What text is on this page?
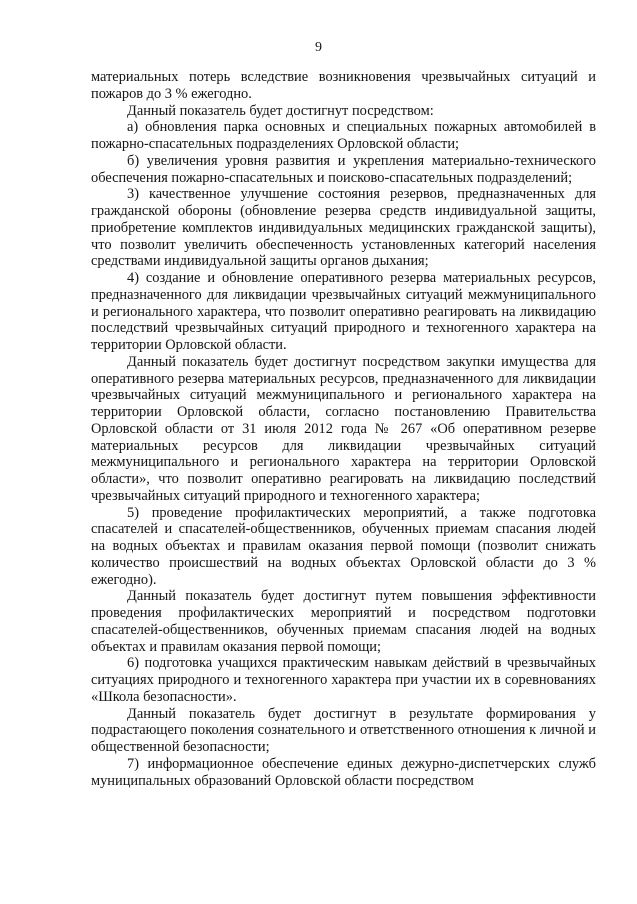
9

материальных потерь вследствие возникновения чрезвычайных ситуаций и пожаров до 3 % ежегодно.

Данный показатель будет достигнут посредством:

а) обновления парка основных и специальных пожарных автомобилей в пожарно-спасательных подразделениях Орловской области;

б) увеличения уровня развития и укрепления материально-технического обеспечения пожарно-спасательных и поисково-спасательных подразделений;

3) качественное улучшение состояния резервов, предназначенных для гражданской обороны (обновление резерва средств индивидуальной защиты, приобретение комплектов индивидуальных медицинских гражданской защиты), что позволит увеличить обеспеченность установленных категорий населения средствами индивидуальной защиты органов дыхания;

4) создание и обновление оперативного резерва материальных ресурсов, предназначенного для ликвидации чрезвычайных ситуаций межмуниципального и регионального характера, что позволит оперативно реагировать на ликвидацию последствий чрезвычайных ситуаций природного и техногенного характера на территории Орловской области.

Данный показатель будет достигнут посредством закупки имущества для оперативного резерва материальных ресурсов, предназначенного для ликвидации чрезвычайных ситуаций межмуниципального и регионального характера на территории Орловской области, согласно постановлению Правительства Орловской области от 31 июля 2012 года № 267 «Об оперативном резерве материальных ресурсов для ликвидации чрезвычайных ситуаций межмуниципального и регионального характера на территории Орловской области», что позволит оперативно реагировать на ликвидацию последствий чрезвычайных ситуаций природного и техногенного характера;

5) проведение профилактических мероприятий, а также подготовка спасателей и спасателей-общественников, обученных приемам спасания людей на водных объектах и правилам оказания первой помощи (позволит снижать количество происшествий на водных объектах Орловской области до 3 % ежегодно).

Данный показатель будет достигнут путем повышения эффективности проведения профилактических мероприятий и посредством подготовки спасателей-общественников, обученных приемам спасания людей на водных объектах и правилам оказания первой помощи;

6) подготовка учащихся практическим навыкам действий в чрезвычайных ситуациях природного и техногенного характера при участии их в соревнованиях «Школа безопасности».

Данный показатель будет достигнут в результате формирования у подрастающего поколения сознательного и ответственного отношения к личной и общественной безопасности;

7) информационное обеспечение единых дежурно-диспетчерских служб муниципальных образований Орловской области посредством
